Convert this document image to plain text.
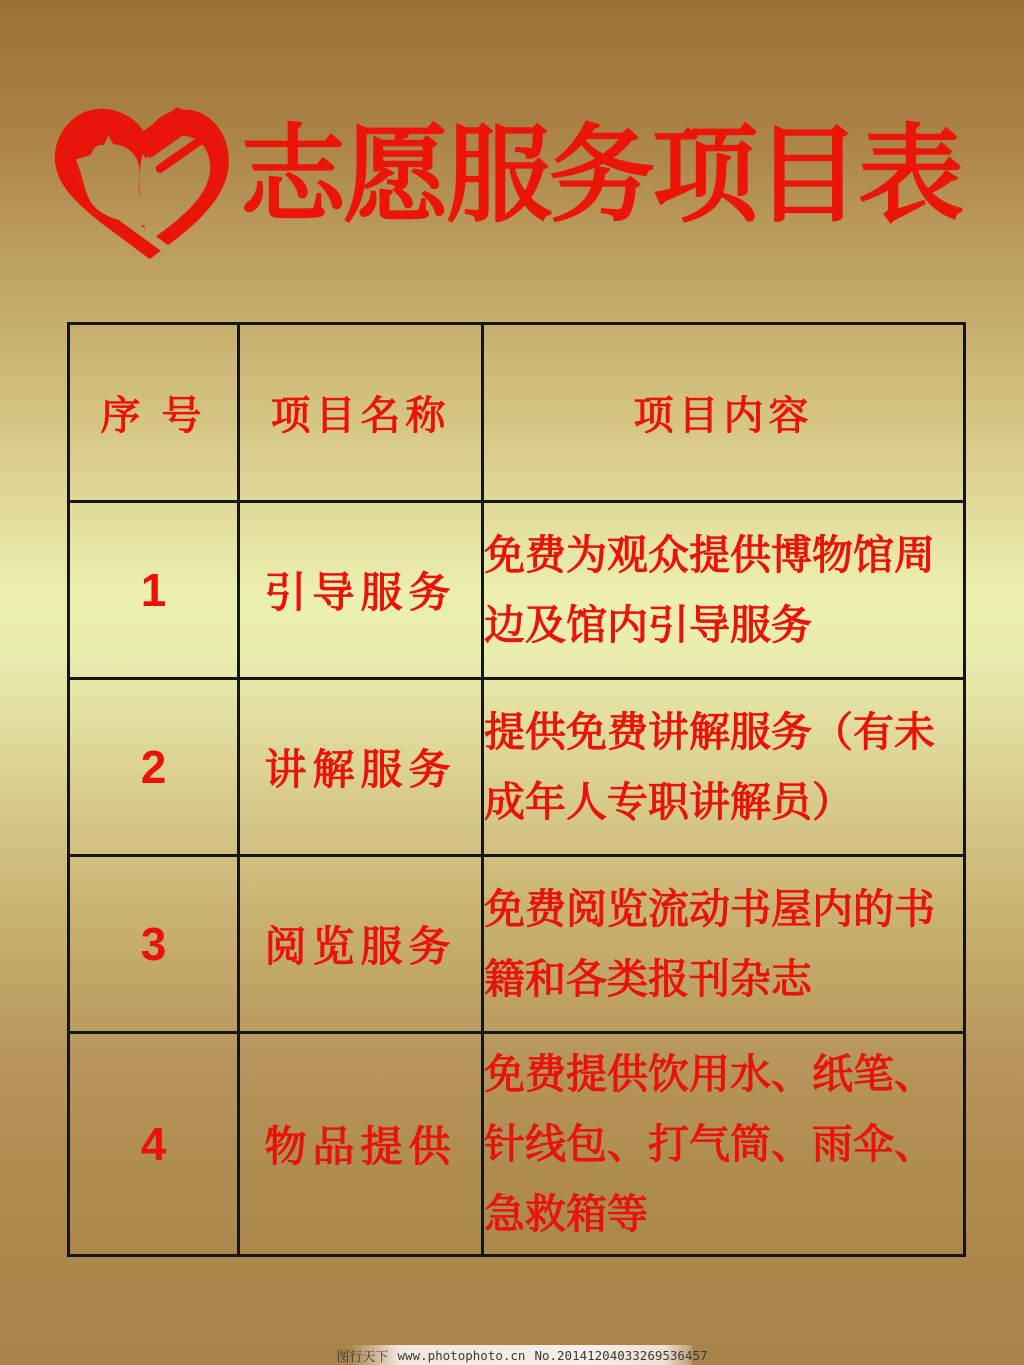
志愿服务项目表
序 号	项目名称	项目内容
1	引导服务	免费为观众提供博物馆周边及馆内引导服务
2	讲解服务	提供免费讲解服务（有未成年人专职讲解员）
3	阅览服务	免费阅览流动书屋内的书籍和各类报刊杂志
4	物品提供	免费提供饮用水、纸笔、针线包、打气筒、雨伞、急救箱等
图行天下 www.photophoto.cn No.20141204033269536457
